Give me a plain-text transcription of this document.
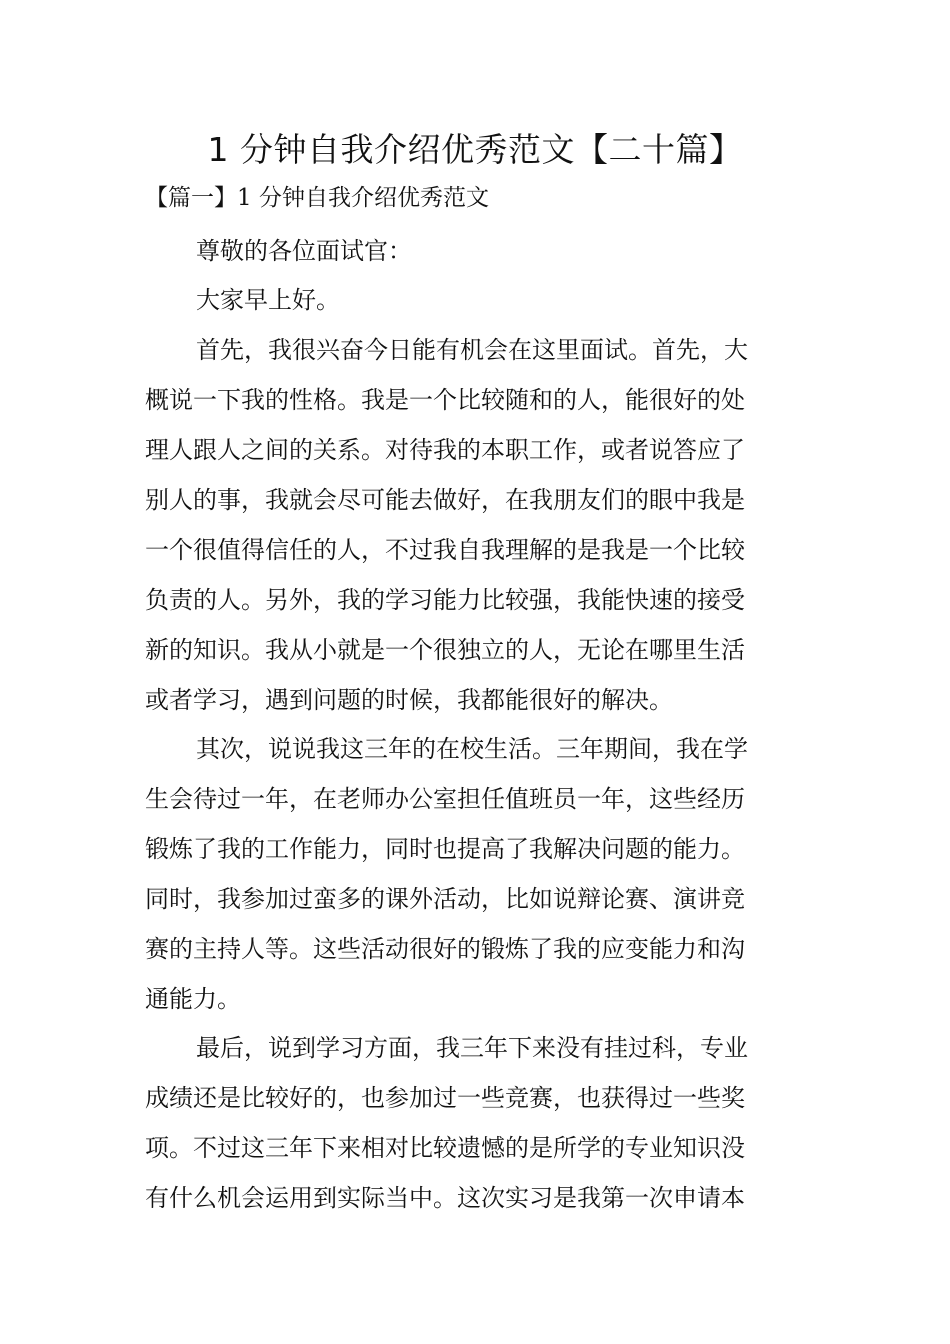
1 分钟自我介绍优秀范文【二十篇】
【篇一】1 分钟自我介绍优秀范文
尊敬的各位面试官：
大家早上好。
首先，我很兴奋今日能有机会在这里面试。首先，大
概说一下我的性格。我是一个比较随和的人，能很好的处
理人跟人之间的关系。对待我的本职工作，或者说答应了
别人的事，我就会尽可能去做好，在我朋友们的眼中我是
一个很值得信任的人，不过我自我理解的是我是一个比较
负责的人。另外，我的学习能力比较强，我能快速的接受
新的知识。我从小就是一个很独立的人，无论在哪里生活
或者学习，遇到问题的时候，我都能很好的解决。
其次，说说我这三年的在校生活。三年期间，我在学
生会待过一年，在老师办公室担任值班员一年，这些经历
锻炼了我的工作能力，同时也提高了我解决问题的能力。
同时，我参加过蛮多的课外活动，比如说辩论赛、演讲竞
赛的主持人等。这些活动很好的锻炼了我的应变能力和沟
通能力。
最后，说到学习方面，我三年下来没有挂过科，专业
成绩还是比较好的，也参加过一些竞赛，也获得过一些奖
项。不过这三年下来相对比较遗憾的是所学的专业知识没
有什么机会运用到实际当中。这次实习是我第一次申请本
